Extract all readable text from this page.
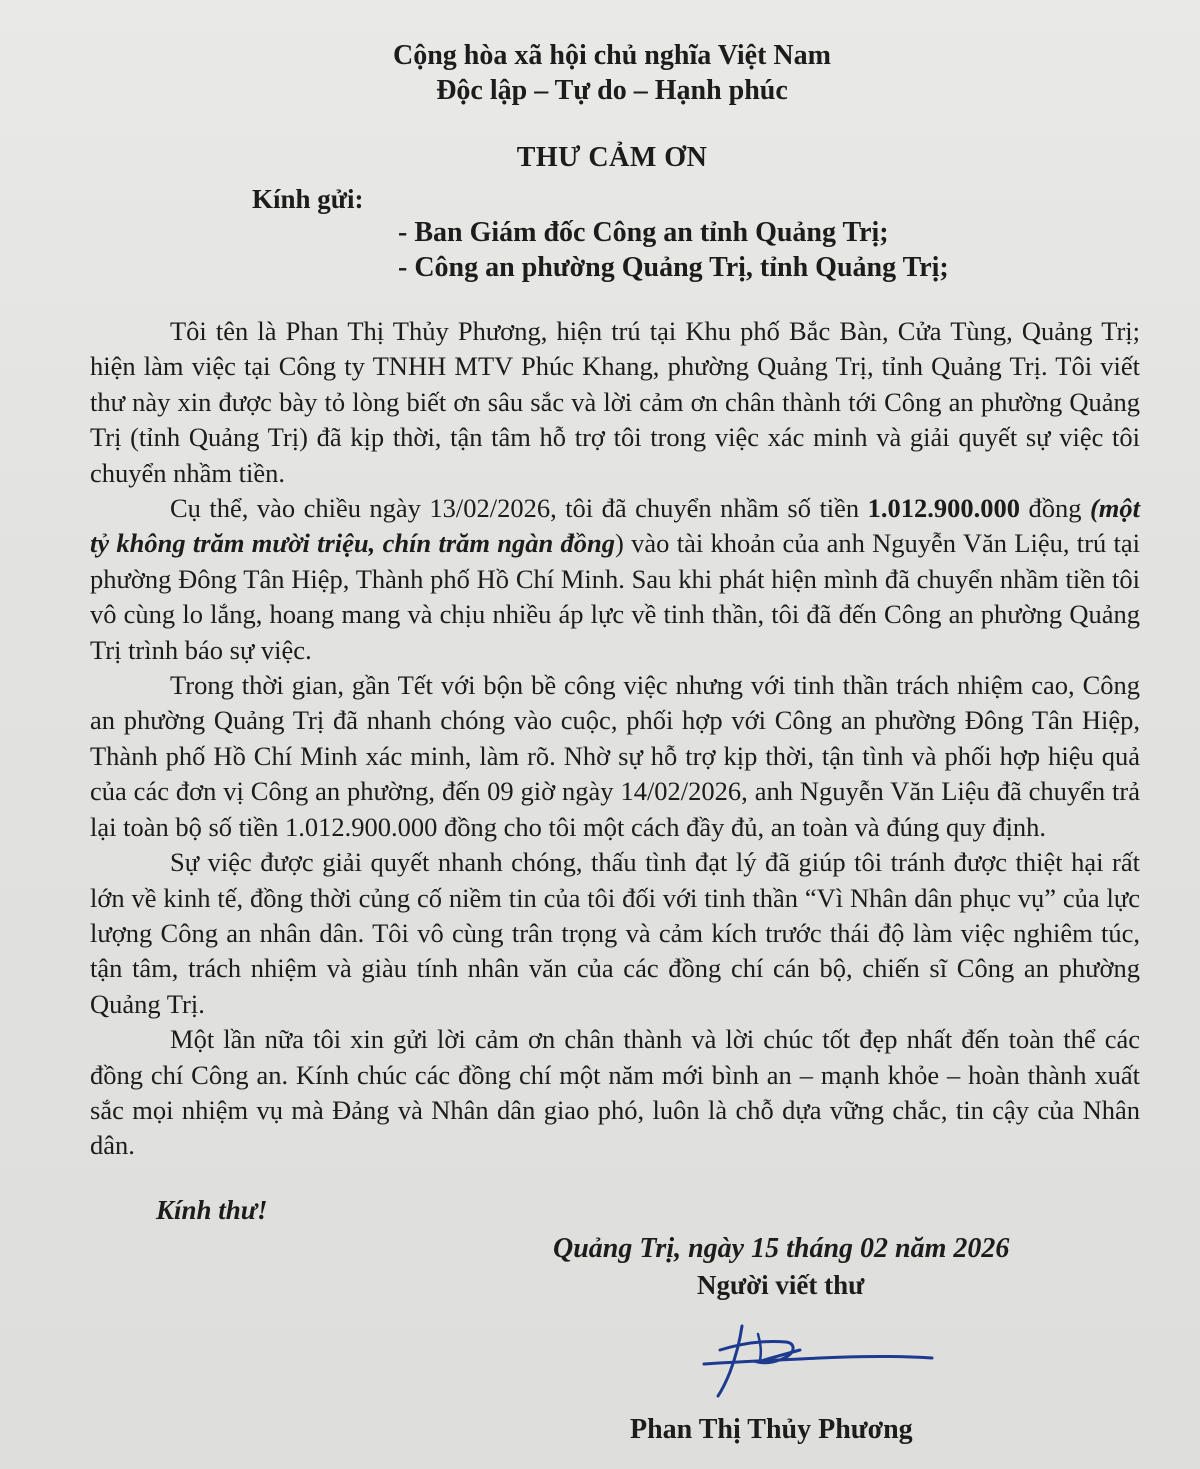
Cộng hòa xã hội chủ nghĩa Việt Nam
Độc lập – Tự do – Hạnh phúc
THƯ CẢM ƠN
Kính gửi:
- Ban Giám đốc Công an tỉnh Quảng Trị;
- Công an phường Quảng Trị, tỉnh Quảng Trị;

Tôi tên là Phan Thị Thủy Phương, hiện trú tại Khu phố Bắc Bàn, Cửa Tùng, Quảng Trị; hiện làm việc tại Công ty TNHH MTV Phúc Khang, phường Quảng Trị, tỉnh Quảng Trị. Tôi viết thư này xin được bày tỏ lòng biết ơn sâu sắc và lời cảm ơn chân thành tới Công an phường Quảng Trị (tỉnh Quảng Trị) đã kịp thời, tận tâm hỗ trợ tôi trong việc xác minh và giải quyết sự việc tôi chuyển nhầm tiền.

Cụ thể, vào chiều ngày 13/02/2026, tôi đã chuyển nhầm số tiền 1.012.900.000 đồng (một tỷ không trăm mười triệu, chín trăm ngàn đồng) vào tài khoản của anh Nguyễn Văn Liệu, trú tại phường Đông Tân Hiệp, Thành phố Hồ Chí Minh. Sau khi phát hiện mình đã chuyển nhầm tiền tôi vô cùng lo lắng, hoang mang và chịu nhiều áp lực về tinh thần, tôi đã đến Công an phường Quảng Trị trình báo sự việc.

Trong thời gian, gần Tết với bộn bề công việc nhưng với tinh thần trách nhiệm cao, Công an phường Quảng Trị đã nhanh chóng vào cuộc, phối hợp với Công an phường Đông Tân Hiệp, Thành phố Hồ Chí Minh xác minh, làm rõ. Nhờ sự hỗ trợ kịp thời, tận tình và phối hợp hiệu quả của các đơn vị Công an phường, đến 09 giờ ngày 14/02/2026, anh Nguyễn Văn Liệu đã chuyển trả lại toàn bộ số tiền 1.012.900.000 đồng cho tôi một cách đầy đủ, an toàn và đúng quy định.

Sự việc được giải quyết nhanh chóng, thấu tình đạt lý đã giúp tôi tránh được thiệt hại rất lớn về kinh tế, đồng thời củng cố niềm tin của tôi đối với tinh thần “Vì Nhân dân phục vụ” của lực lượng Công an nhân dân. Tôi vô cùng trân trọng và cảm kích trước thái độ làm việc nghiêm túc, tận tâm, trách nhiệm và giàu tính nhân văn của các đồng chí cán bộ, chiến sĩ Công an phường Quảng Trị.

Một lần nữa tôi xin gửi lời cảm ơn chân thành và lời chúc tốt đẹp nhất đến toàn thể các đồng chí Công an. Kính chúc các đồng chí một năm mới bình an – mạnh khỏe – hoàn thành xuất sắc mọi nhiệm vụ mà Đảng và Nhân dân giao phó, luôn là chỗ dựa vững chắc, tin cậy của Nhân dân.

Kính thư!
Quảng Trị, ngày 15 tháng 02 năm 2026
Người viết thư
Phan Thị Thủy Phương
